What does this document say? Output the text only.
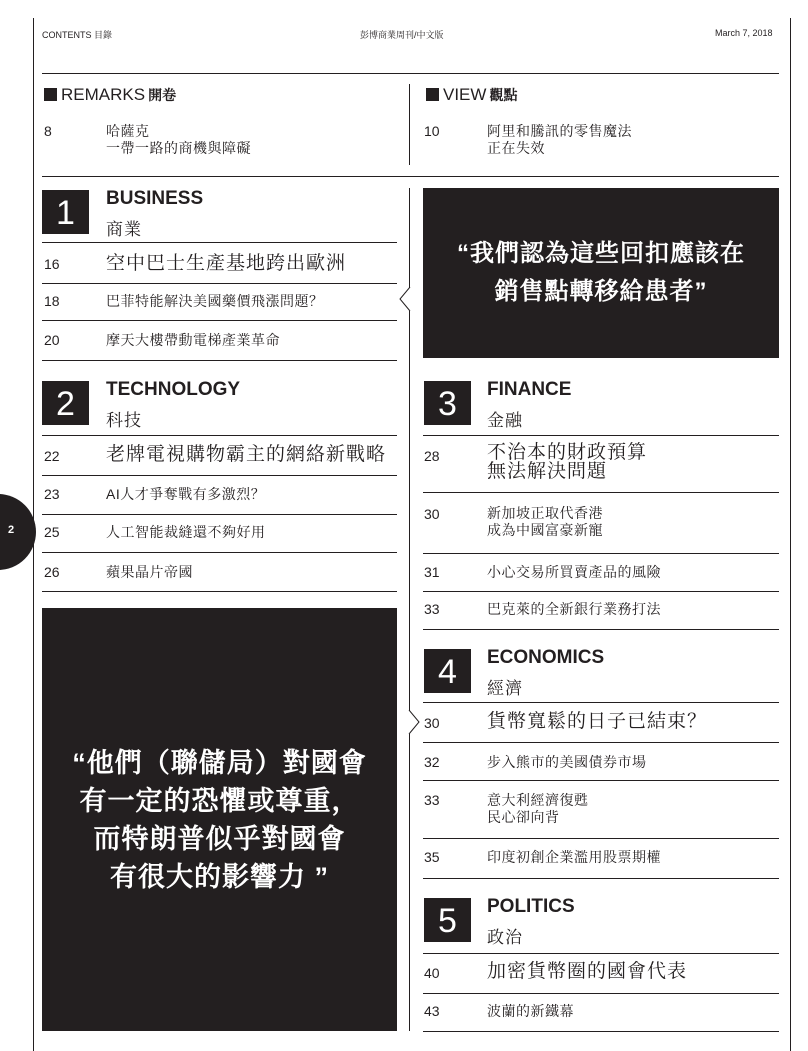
CONTENTS 目錄	彭博商業周刊/中文版	March 7, 2018
2
REMARKS 開卷
8	哈薩克
一帶一路的商機與障礙
VIEW 觀點
10	阿里和騰訊的零售魔法
正在失效
1	BUSINESS
商業
16 空中巴士生產基地跨出歐洲
18	巴菲特能解決美國藥價飛漲問題？
20	摩天大樓帶動電梯產業革命
2	TECHNOLOGY
科技
22 老牌電視購物霸主的網絡新戰略
23	AI人才爭奪戰有多激烈？
25	人工智能裁縫還不夠好用
26	蘋果晶片帝國
“他們（聯儲局）對國會
有一定的恐懼或尊重，
而特朗普似乎對國會
有很大的影響力 ”
“我們認為這些回扣應該在
銷售點轉移給患者”
3	FINANCE
金融
28 不治本的財政預算
無法解決問題
30	新加坡正取代香港
成為中國富豪新寵
31	小心交易所買賣產品的風險
33	巴克萊的全新銀行業務打法
4	ECONOMICS
經濟
30 貨幣寬鬆的日子已結束？
32	步入熊市的美國債券市場
33	意大利經濟復甦
民心卻向背
35	印度初創企業濫用股票期權
5	POLITICS
政治
40 加密貨幣圈的國會代表
43	波蘭的新鐵幕
